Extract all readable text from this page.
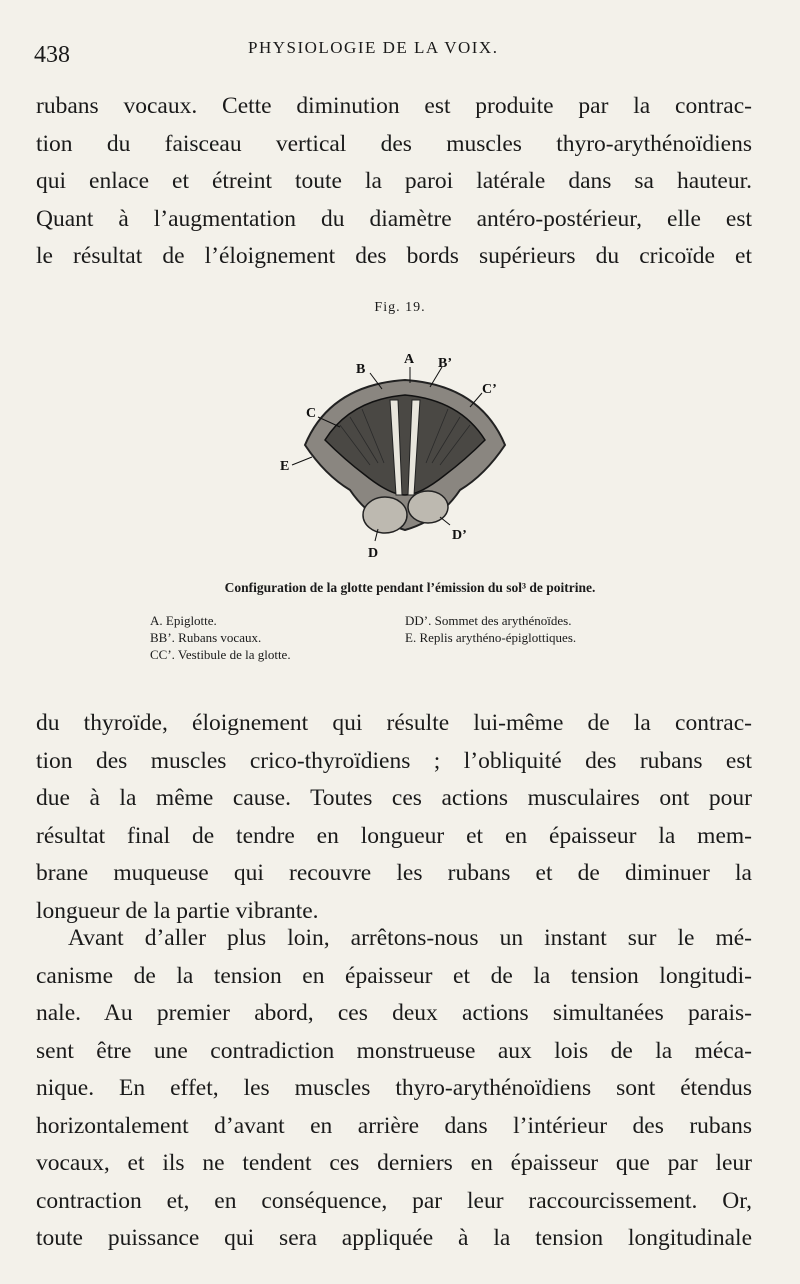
438	PHYSIOLOGIE DE LA VOIX.
rubans vocaux. Cette diminution est produite par la contrac-
tion du faisceau vertical des muscles thyro-arythénoïdiens
qui enlace et étreint toute la paroi latérale dans sa hauteur.
Quant à l’augmentation du diamètre antéro-postérieur, elle est
le résultat de l’éloignement des bords supérieurs du cricoïde et
Fig. 19.
A
B	B’
C’
C
E
D
D’
Configuration de la glotte pendant l’émission du sol³ de poitrine.
A. Epiglotte.
BB’. Rubans vocaux.
CC’. Vestibule de la glotte.
DD’. Sommet des arythénoïdes.
E. Replis arythéno-épiglottiques.
du thyroïde, éloignement qui résulte lui-même de la contrac-
tion des muscles crico-thyroïdiens ; l’obliquité des rubans est
due à la même cause. Toutes ces actions musculaires ont pour
résultat final de tendre en longueur et en épaisseur la mem-
brane muqueuse qui recouvre les rubans et de diminuer la
longueur de la partie vibrante.
Avant d’aller plus loin, arrêtons-nous un instant sur le mé-
canisme de la tension en épaisseur et de la tension longitudi-
nale. Au premier abord, ces deux actions simultanées parais-
sent être une contradiction monstrueuse aux lois de la méca-
nique. En effet, les muscles thyro-arythénoïdiens sont étendus
horizontalement d’avant en arrière dans l’intérieur des rubans
vocaux, et ils ne tendent ces derniers en épaisseur que par leur
contraction et, en conséquence, par leur raccourcissement. Or,
toute puissance qui sera appliquée à la tension longitudinale
